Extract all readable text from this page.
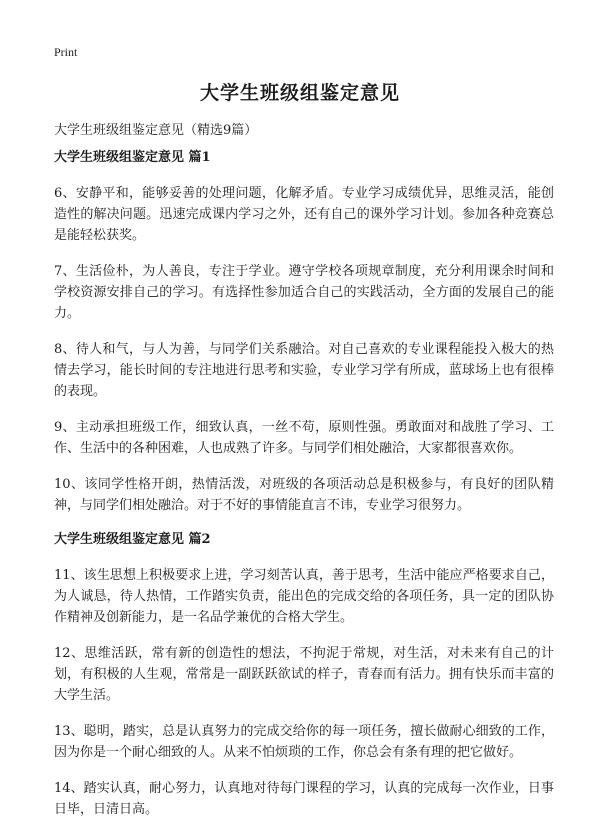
Print
大学生班级组鉴定意见
大学生班级组鉴定意见（精选9篇）
大学生班级组鉴定意见 篇1

6、安静平和，能够妥善的处理问题，化解矛盾。专业学习成绩优异，思维灵活，能创造性的解决问题。迅速完成课内学习之外，还有自己的课外学习计划。参加各种竞赛总是能轻松获奖。

7、生活俭朴，为人善良，专注于学业。遵守学校各项规章制度，充分利用课余时间和学校资源安排自己的学习。有选择性参加适合自己的实践活动，全方面的发展自己的能力。

8、待人和气，与人为善，与同学们关系融洽。对自己喜欢的专业课程能投入极大的热情去学习，能长时间的专注地进行思考和实验，专业学习学有所成，蓝球场上也有很棒的表现。

9、主动承担班级工作，细致认真，一丝不苟，原则性强。勇敢面对和战胜了学习、工作、生活中的各种困难，人也成熟了许多。与同学们相处融洽，大家都很喜欢你。

10、该同学性格开朗，热情活泼，对班级的各项活动总是积极参与，有良好的团队精神，与同学们相处融洽。对于不好的事情能直言不讳，专业学习很努力。

大学生班级组鉴定意见 篇2

11、该生思想上积极要求上进，学习刻苦认真，善于思考，生活中能应严格要求自己，为人诚恳，待人热情，工作踏实负责，能出色的完成交给的各项任务，具一定的团队协作精神及创新能力，是一名品学兼优的合格大学生。

12、思维活跃，常有新的创造性的想法，不拘泥于常规，对生活，对未来有自己的计划，有积极的人生观，常常是一副跃跃欲试的样子，青春而有活力。拥有快乐而丰富的大学生活。

13、聪明，踏实，总是认真努力的完成交给你的每一项任务，擅长做耐心细致的工作，因为你是一个耐心细致的人。从来不怕烦琐的工作，你总会有条有理的把它做好。

14、踏实认真，耐心努力，认真地对待每门课程的学习，认真的完成每一次作业，日事日毕，日清日高。
